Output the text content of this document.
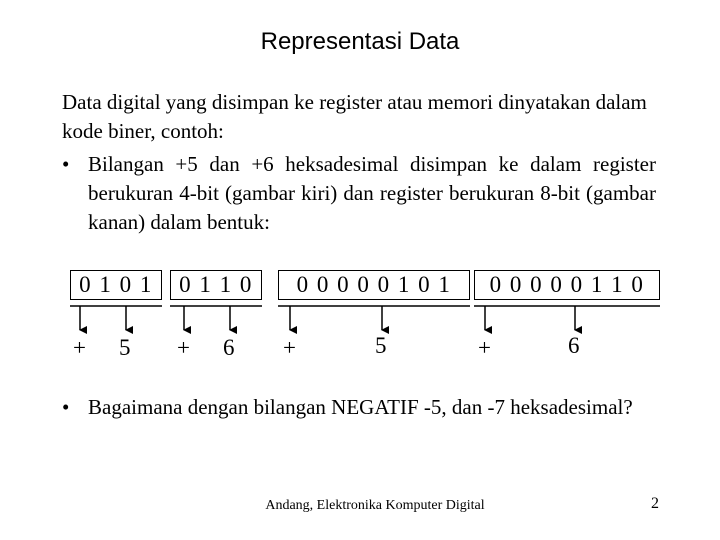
Representasi Data
Data digital yang disimpan ke register atau memori dinyatakan dalam kode biner, contoh:
• Bilangan +5 dan +6 heksadesimal disimpan ke dalam register berukuran 4-bit (gambar kiri) dan register berukuran 8-bit (gambar kanan) dalam bentuk:
0 1 0 1	0 1 1 0	0 0 0 0 0 1 0 1	0 0 0 0 0 1 1 0
+ 5 + 6 +	5	+	6
• Bagaimana dengan bilangan NEGATIF -5, dan -7 heksadesimal?
Andang, Elektronika Komputer Digital	2
